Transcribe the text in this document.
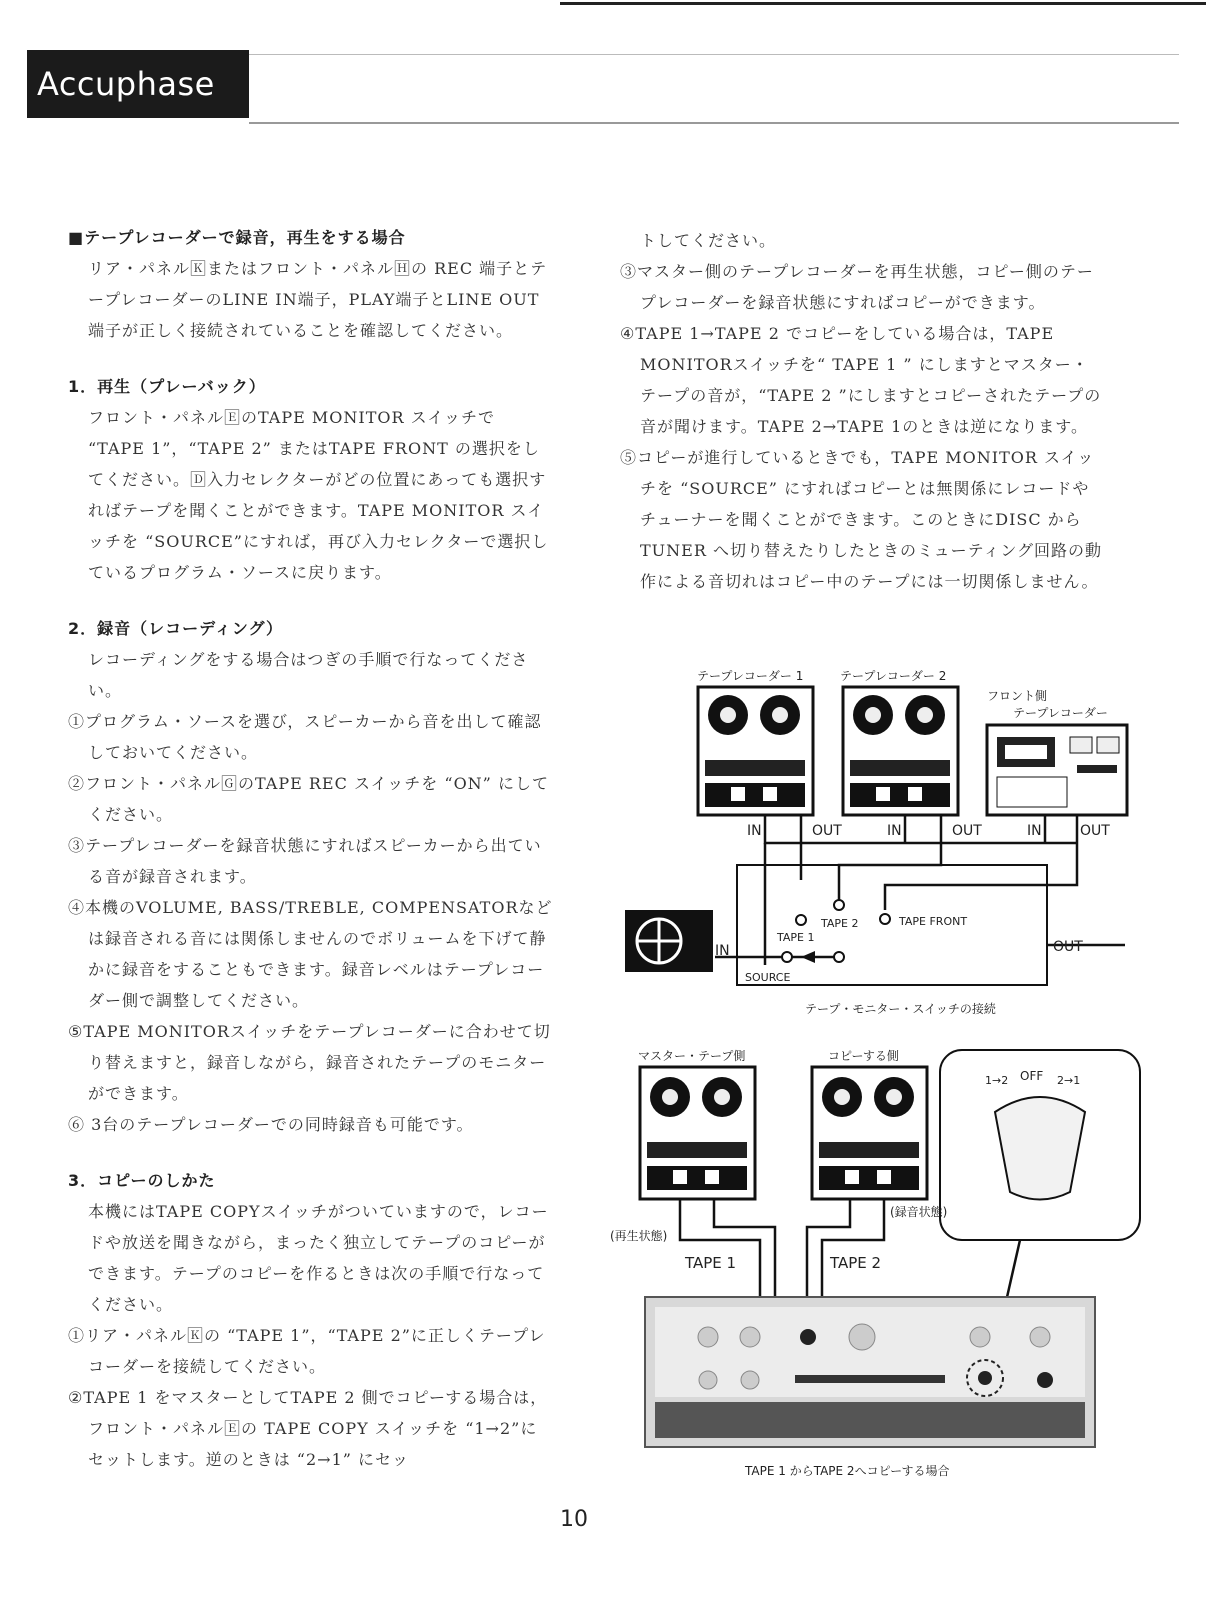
Accuphase

■テープレコーダーで録音，再生をする場合

リア・パネル🄺またはフロント・パネル🄷の REC 端子とテープレコーダーのLINE IN端子，PLAY端子とLINE OUT端子が正しく接続されていることを確認してください。

1．再生（プレーバック）

フロント・パネル🄴のTAPE MONITOR スイッチで “TAPE 1”，“TAPE 2” またはTAPE FRONT の選択をしてください。🄳入力セレクターがどの位置にあっても選択すればテープを聞くことができます。TAPE MONITOR スイッチを “SOURCE”にすれば，再び入力セレクターで選択しているプログラム・ソースに戻ります。

2．録音（レコーディング）

レコーディングをする場合はつぎの手順で行なってください。

①プログラム・ソースを選び，スピーカーから音を出して確認しておいてください。

②フロント・パネル🄶のTAPE REC スイッチを “ON” にしてください。

③テープレコーダーを録音状態にすればスピーカーから出ている音が録音されます。

④本機のVOLUME, BASS/TREBLE, COMPENSATORなどは録音される音には関係しませんのでボリュームを下げて静かに録音をすることもできます。録音レベルはテープレコーダー側で調整してください。

⑤TAPE MONITORスイッチをテープレコーダーに合わせて切り替えますと，録音しながら，録音されたテープのモニターができます。

⑥ 3台のテープレコーダーでの同時録音も可能です。

3．コピーのしかた

本機にはTAPE COPYスイッチがついていますので，レコードや放送を聞きながら，まったく独立してテープのコピーができます。テープのコピーを作るときは次の手順で行なってください。

①リア・パネル🄺の “TAPE 1”，“TAPE 2”に正しくテープレコーダーを接続してください。

②TAPE 1 をマスターとしてTAPE 2 側でコピーする場合は，フロント・パネル🄴の TAPE COPY スイッチを “1→2”にセットします。逆のときは “2→1” にセッ

トしてください。

③マスター側のテープレコーダーを再生状態，コピー側のテープレコーダーを録音状態にすればコピーができます。

④TAPE 1→TAPE 2 でコピーをしている場合は，TAPE MONITORスイッチを“ TAPE 1 ” にしますとマスター・テープの音が，“TAPE 2 ”にしますとコピーされたテープの音が聞けます。TAPE 2→TAPE 1のときは逆になります。

⑤コピーが進行しているときでも，TAPE MONITOR スイッチを “SOURCE” にすればコピーとは無関係にレコードやチューナーを聞くことができます。このときにDISC から TUNER へ切り替えたりしたときのミューティング回路の動作による音切れはコピー中のテープには一切関係しません。

テープレコーダー 1	テープレコーダー 2
フロント側
テープレコーダー
IN	OUT	IN	OUT	IN	OUT
TAPE 2	TAPE FRONT
TAPE 1
SOURCE
IN	OUT
テープ・モニター・スイッチの接続
マスター・テープ側	コピーする側
1→2 OFF 2→1
(再生状態)
(録音状態)
TAPE 1	TAPE 2
TAPE 1 からTAPE 2へコピーする場合
10
